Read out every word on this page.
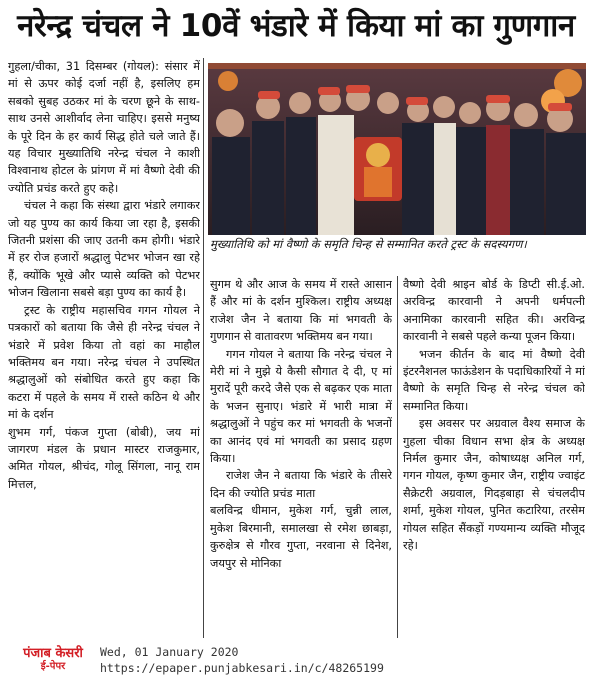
नरेन्द्र चंचल ने 10वें भंडारे में किया मां का गुणगान

गुहला/चीका, 31 दिसम्बर (गोयल): संसार में मां से ऊपर कोई दर्जा नहीं है, इसलिए हम सबको सुबह उठकर मां के चरण छूने के साथ-साथ उनसे आशीर्वाद लेना चाहिए। इससे मनुष्य के पूरे दिन के हर कार्य सिद्ध होते चले जाते हैं। यह विचार मुख्यातिथि नरेन्द्र चंचल ने काशी विश्वानाथ होटल के प्रांगण में मां वैष्णो देवी की ज्योति प्रचंड करते हुए कहे।

चंचल ने कहा कि संस्था द्वारा भंडारे लगाकर जो यह पुण्य का कार्य किया जा रहा है, इसकी जितनी प्रशंसा की जाए उतनी कम होगी। भंडारे में हर रोज हजारों श्रद्धालु पेटभर भोजन खा रहे हैं, क्योंकि भूखे और प्यासे व्यक्ति को पेटभर भोजन खिलाना सबसे बड़ा पुण्य का कार्य है।

ट्रस्ट के राष्ट्रीय महासचिव गगन गोयल ने पत्रकारों को बताया कि जैसे ही नरेन्द्र चंचल ने भंडारे में प्रवेश किया तो वहां का माहौल भक्तिमय बन गया। नरेन्द्र चंचल ने उपस्थित श्रद्धालुओं को संबोधित करते हुए कहा कि कटरा में पहले के समय में रास्ते कठिन थे और मां के दर्शन

शुभम गर्ग, पंकज गुप्ता (बोबी), जय मां जागरण मंडल के प्रधान मास्टर राजकुमार, अमित गोयल, श्रीचंद, गोलू सिंगला, नानू राम मित्तल,

मुख्यातिथि को मां वैष्णो के समृति चिन्ह से सम्मानित करते ट्रस्ट के सदस्यगण।

सुगम थे और आज के समय में रास्ते आसान हैं और मां के दर्शन मुश्किल। राष्ट्रीय अध्यक्ष राजेश जैन ने बताया कि मां भगवती के गुणगान से वातावरण भक्तिमय बन गया।

गगन गोयल ने बताया कि नरेन्द्र चंचल ने मेरी मां ने मुझे ये कैसी सौगात दे दी, ए मां मुरादें पूरी करदे जैसे एक से बढ़कर एक माता के भजन सुनाए। भंडारे में भारी मात्रा में श्रद्धालुओं ने पहुंच कर मां भगवती के भजनों का आनंद एवं मां भगवती का प्रसाद ग्रहण किया।

राजेश जैन ने बताया कि भंडारे के तीसरे दिन की ज्योति प्रचंड माता

बलविन्द्र धीमान, मुकेश गर्ग, चुन्नी लाल, मुकेश बिरमानी, समालखा से रमेश छाबड़ा, कुरुक्षेत्र से गौरव गुप्ता, नरवाना से दिनेश, जयपुर से मोनिका

वैष्णो देवी श्राइन बोर्ड के डिप्टी सी.ई.ओ. अरविन्द्र कारवानी ने अपनी धर्मपत्नी अनामिका कारवानी सहित की। अरविन्द्र कारवानी ने सबसे पहले कन्या पूजन किया।

भजन कीर्तन के बाद मां वैष्णो देवी इंटरनैशनल फाऊंडेशन के पदाधिकारियों ने मां वैष्णो के समृति चिन्ह से नरेन्द्र चंचल को सम्मानित किया।

इस अवसर पर अग्रवाल वैश्य समाज के गुहला चीका विधान सभा क्षेत्र के अध्यक्ष निर्मल कुमार जैन, कोषाध्यक्ष अनिल गर्ग, गगन गोयल, कृष्ण कुमार जैन, राष्ट्रीय ज्वाइंट सैक्रेटरी अग्रवाल, गिदड़बाहा से चंचलदीप शर्मा, मुकेश गोयल, पुनित कटारिया, तरसेम गोयल सहित सैंकड़ों गण्यमान्य व्यक्ति मौजूद रहे।

पंजाब केसरी
ई-पेपर
Wed, 01 January 2020
https://epaper.punjabkesari.in/c/48265199
